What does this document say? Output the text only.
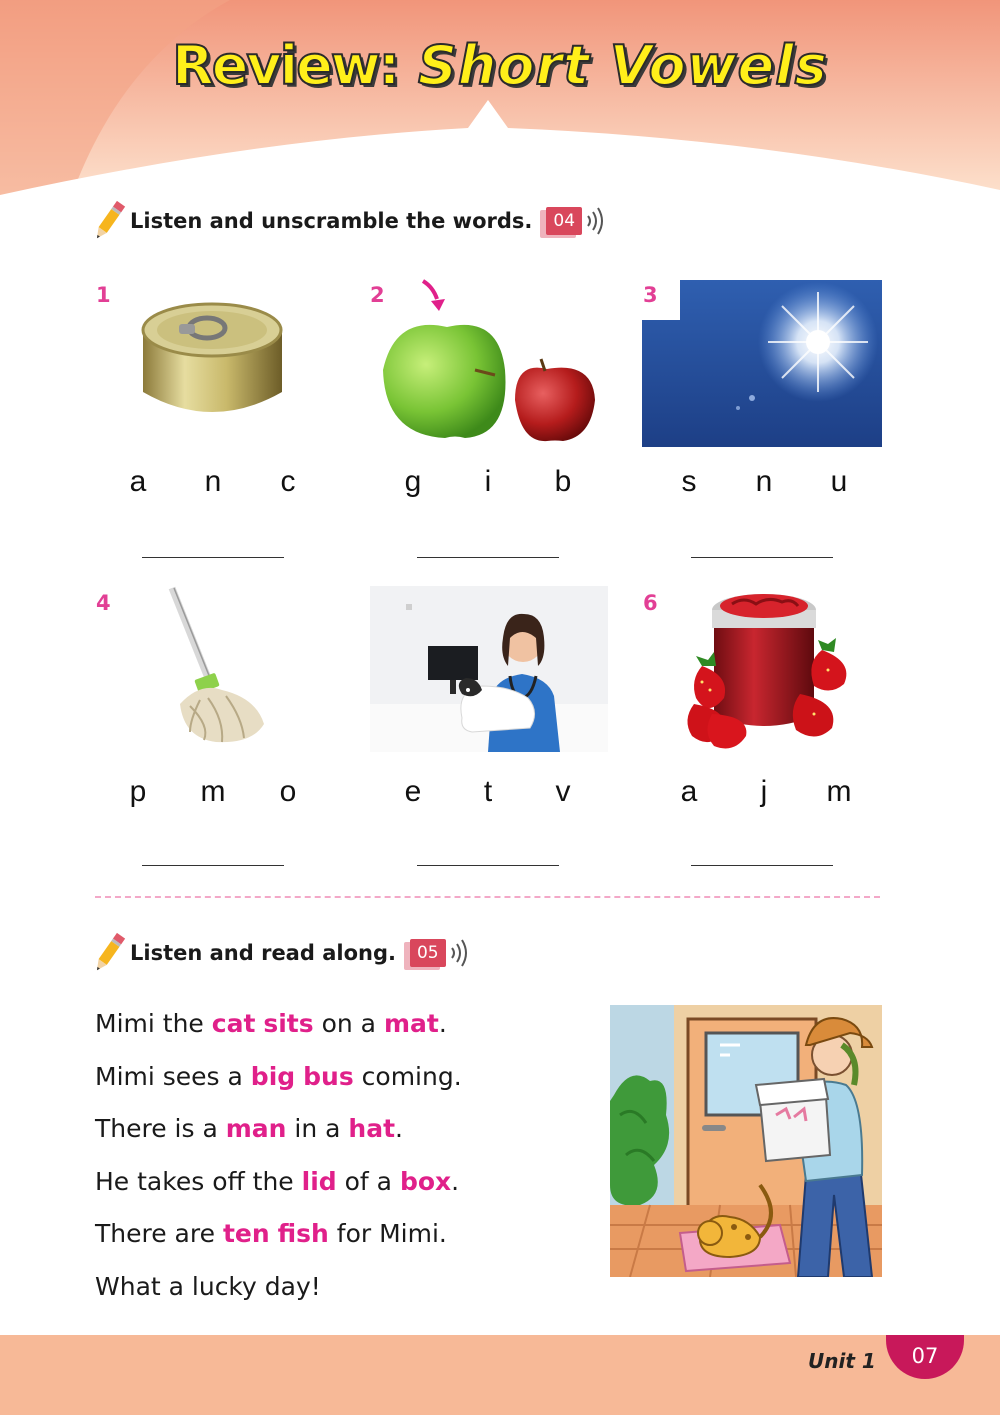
Review: Short Vowels
Listen and unscramble the words.	04
1
a n c
2
g	i	b
3
s n u
4
p m o	e	t	v
6
a	j	m
Listen and read along.	05
Mimi the cat sits on a mat.
Mimi sees a big bus coming.
There is a man in a hat.
He takes off the lid of a box.
There are ten fish for Mimi.
What a lucky day!
Unit 1	07
